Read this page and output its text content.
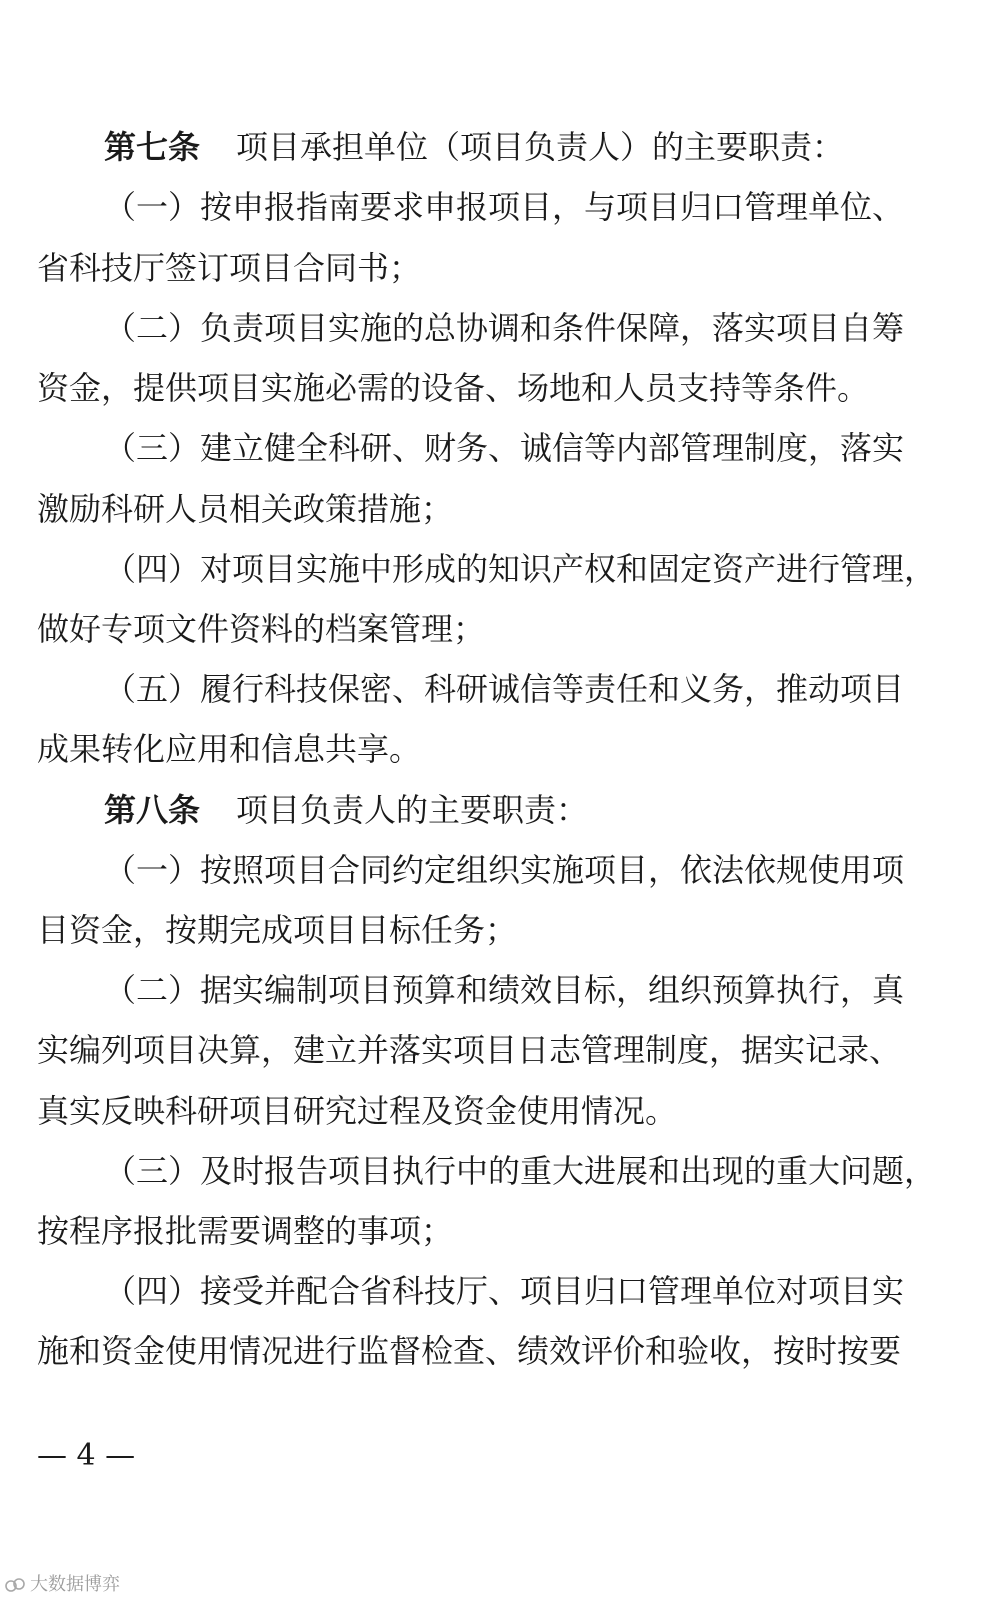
第七条 项目承担单位（项目负责人）的主要职责：
（一）按申报指南要求申报项目，与项目归口管理单位、
省科技厅签订项目合同书；
（二）负责项目实施的总协调和条件保障，落实项目自筹
资金，提供项目实施必需的设备、场地和人员支持等条件。
（三）建立健全科研、财务、诚信等内部管理制度，落实
激励科研人员相关政策措施；
（四）对项目实施中形成的知识产权和固定资产进行管理，
做好专项文件资料的档案管理；
（五）履行科技保密、科研诚信等责任和义务，推动项目
成果转化应用和信息共享。
第八条 项目负责人的主要职责：
（一）按照项目合同约定组织实施项目，依法依规使用项
目资金，按期完成项目目标任务；
（二）据实编制项目预算和绩效目标，组织预算执行，真
实编列项目决算，建立并落实项目日志管理制度，据实记录、
真实反映科研项目研究过程及资金使用情况。
（三）及时报告项目执行中的重大进展和出现的重大问题，
按程序报批需要调整的事项；
（四）接受并配合省科技厅、项目归口管理单位对项目实
施和资金使用情况进行监督检查、绩效评价和验收，按时按要
— 4 —
大数据博弈
